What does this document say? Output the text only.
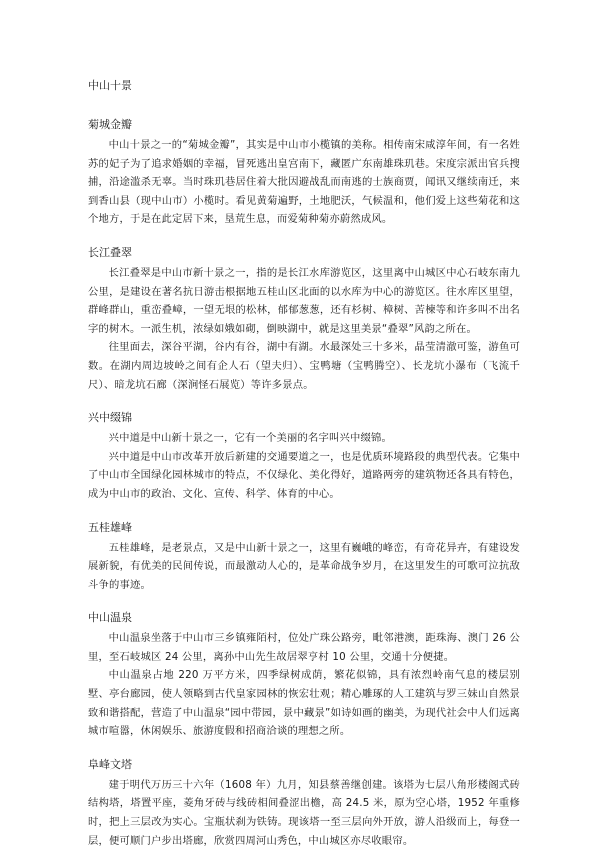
中山十景
菊城金瓣

中山十景之一的“菊城金瓣”，其实是中山市小榄镇的美称。相传南宋咸淳年间，有一名姓苏的妃子为了追求婚姻的幸福，冒死逃出皇宫南下，藏匿广东南雄珠玑巷。宋度宗派出官兵搜捕，沿途滥杀无辜。当时珠玑巷居住着大批因避战乱而南逃的士族商贾，闻讯又继续南迁，来到香山县（现中山市）小榄时。看见黄菊遍野，土地肥沃，气候温和，他们爱上这些菊花和这个地方，于是在此定居下来，垦荒生息，而爱菊种菊亦蔚然成风。

长江叠翠

长江叠翠是中山市新十景之一，指的是长江水库游览区，这里离中山城区中心石岐东南九公里，是建设在著名抗日游击根据地五桂山区北面的以水库为中心的游览区。往水库区里望，群峰群山，重峦叠嶂，一望无垠的松林，郁郁葱葱，还有杉树、樟树、苦楝等和许多叫不出名字的树木。一派生机，浓绿如娥如砌，倒映湖中，就是这里美景“叠翠”风韵之所在。

往里面去，深谷平湖，谷内有谷，湖中有湖。水最深处三十多米，晶莹清澈可鉴，游鱼可数。在湖内周边坡岭之间有企人石（望夫归）、宝鸭塘（宝鸭腾空）、长龙坑小瀑布（飞流千尺）、暗龙坑石廊（深涧怪石展览）等许多景点。

兴中缀锦

兴中道是中山新十景之一，它有一个美丽的名字叫兴中缀锦。

兴中道是中山市改革开放后新建的交通要道之一，也是优质环境路段的典型代表。它集中了中山市全国绿化园林城市的特点，不仅绿化、美化得好，道路两旁的建筑物还各具有特色，成为中山市的政治、文化、宣传、科学、体育的中心。

五桂雄峰

五桂雄峰，是老景点，又是中山新十景之一，这里有巍峨的峰峦，有奇花异卉，有建设发展新貌，有优美的民间传说，而最激动人心的，是革命战争岁月，在这里发生的可歌可泣抗敌斗争的事迹。

中山温泉

中山温泉坐落于中山市三乡镇雍陌村，位处广珠公路旁，毗邻港澳，距珠海、澳门 26 公里，至石岐城区 24 公里，离孙中山先生故居翠亨村 10 公里，交通十分便捷。

中山温泉占地 220 万平方米，四季绿树成荫，繁花似锦，具有浓烈岭南气息的楼层别墅、亭台廊园，使人领略到古代皇家园林的恢宏壮观；精心雕琢的人工建筑与罗三妹山自然景致和谐搭配，营造了中山温泉“园中带园，景中藏景”如诗如画的幽美，为现代社会中人们远离城市喧嚣，休闲娱乐、旅游度假和招商洽谈的理想之所。

阜峰文塔

建于明代万历三十六年（1608 年）九月，知县蔡善继创建。该塔为七层八角形楼阁式砖结构塔，塔置平座，菱角牙砖与线砖相间叠涩出檐，高 24.5 米，原为空心塔，1952 年重修时，把上三层改为实心。宝瓶状刹为铁铸。现该塔一至三层向外开放，游人沿级而上，每登一层，便可顺门户步出塔廊，欣赏四周河山秀色，中山城区亦尽收眼帘。
